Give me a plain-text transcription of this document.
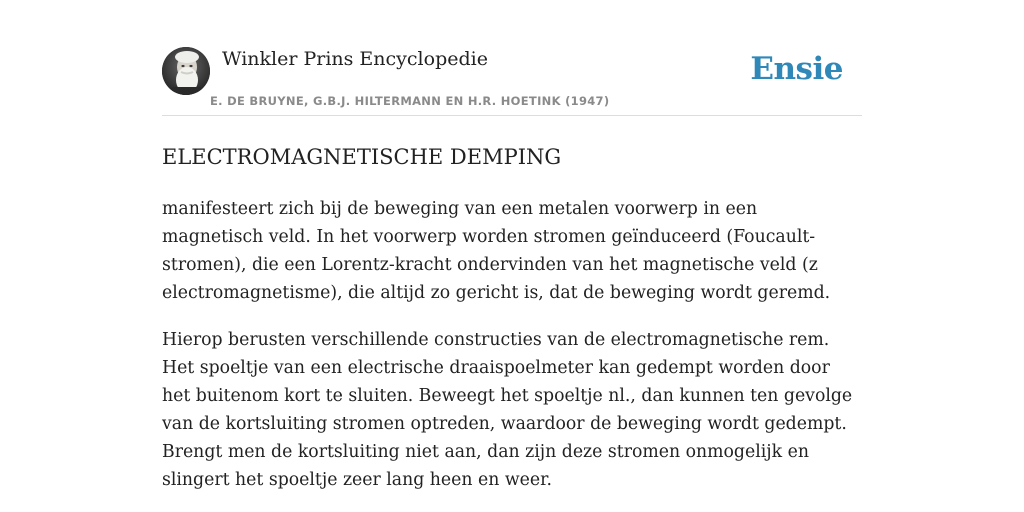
Winkler Prins Encyclopedie
E. DE BRUYNE, G.B.J. HILTERMANN EN H.R. HOETINK (1947)
Ensie
ELECTROMAGNETISCHE DEMPING

manifesteert zich bij de beweging van een metalen voorwerp in een magnetisch veld. In het voorwerp worden stromen geïnduceerd (Foucault-stromen), die een Lorentz-kracht ondervinden van het magnetische veld (z electromagnetisme), die altijd zo gericht is, dat de beweging wordt geremd.

Hierop berusten verschillende constructies van de electromagnetische rem. Het spoeltje van een electrische draaispoelmeter kan gedempt worden door het buitenom kort te sluiten. Beweegt het spoeltje nl., dan kunnen ten gevolge van de kortsluiting stromen optreden, waardoor de beweging wordt gedempt. Brengt men de kortsluiting niet aan, dan zijn deze stromen onmogelijk en slingert het spoeltje zeer lang heen en weer.
